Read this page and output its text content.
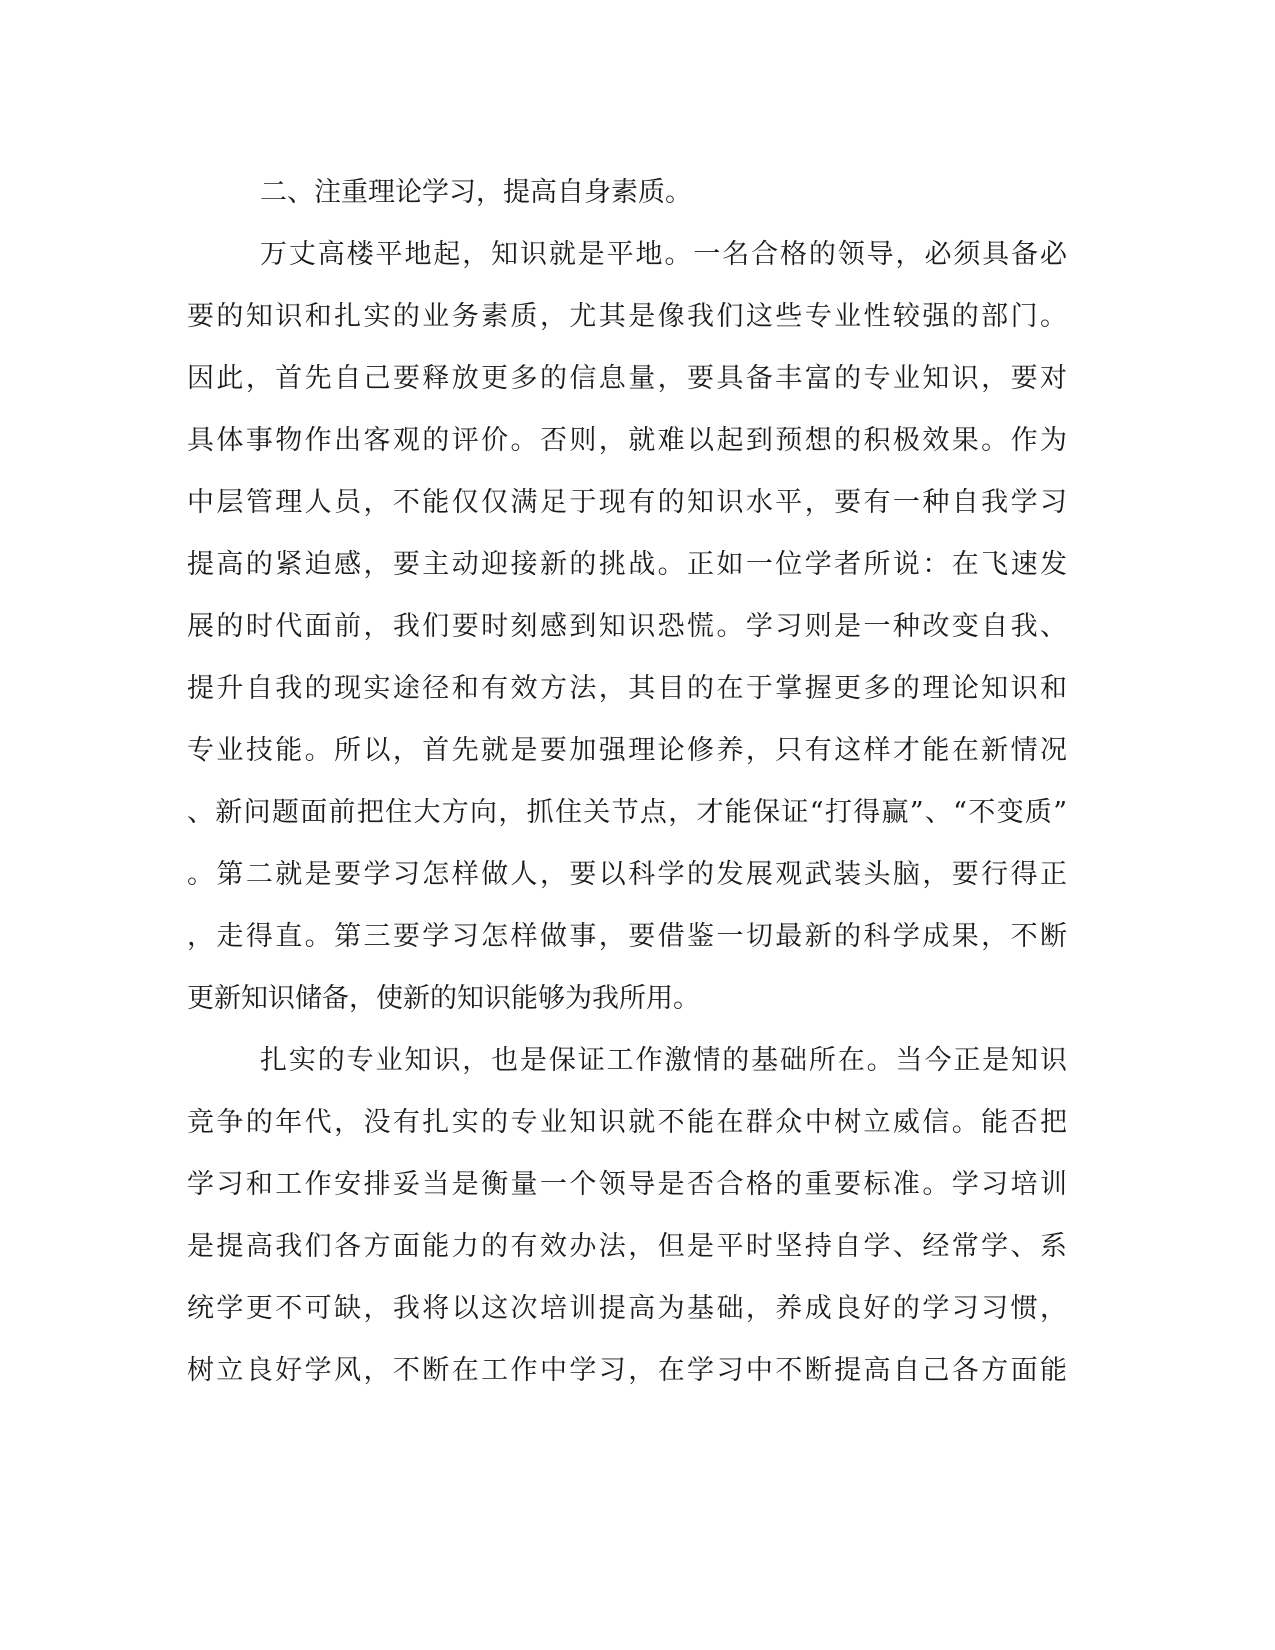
二、注重理论学习，提高自身素质。
万丈高楼平地起，知识就是平地。一名合格的领导，必须具备必
要的知识和扎实的业务素质，尤其是像我们这些专业性较强的部门。
因此，首先自己要释放更多的信息量，要具备丰富的专业知识，要对
具体事物作出客观的评价。否则，就难以起到预想的积极效果。作为
中层管理人员，不能仅仅满足于现有的知识水平，要有一种自我学习
提高的紧迫感，要主动迎接新的挑战。正如一位学者所说：在飞速发
展的时代面前，我们要时刻感到知识恐慌。学习则是一种改变自我、
提升自我的现实途径和有效方法，其目的在于掌握更多的理论知识和
专业技能。所以，首先就是要加强理论修养，只有这样才能在新情况
、新问题面前把住大方向，抓住关节点，才能保证“打得赢”、“不变质”
。第二就是要学习怎样做人，要以科学的发展观武装头脑，要行得正
，走得直。第三要学习怎样做事，要借鉴一切最新的科学成果，不断
更新知识储备，使新的知识能够为我所用。
扎实的专业知识，也是保证工作激情的基础所在。当今正是知识
竞争的年代，没有扎实的专业知识就不能在群众中树立威信。能否把
学习和工作安排妥当是衡量一个领导是否合格的重要标准。学习培训
是提高我们各方面能力的有效办法，但是平时坚持自学、经常学、系
统学更不可缺，我将以这次培训提高为基础，养成良好的学习习惯，
树立良好学风，不断在工作中学习，在学习中不断提高自己各方面能
